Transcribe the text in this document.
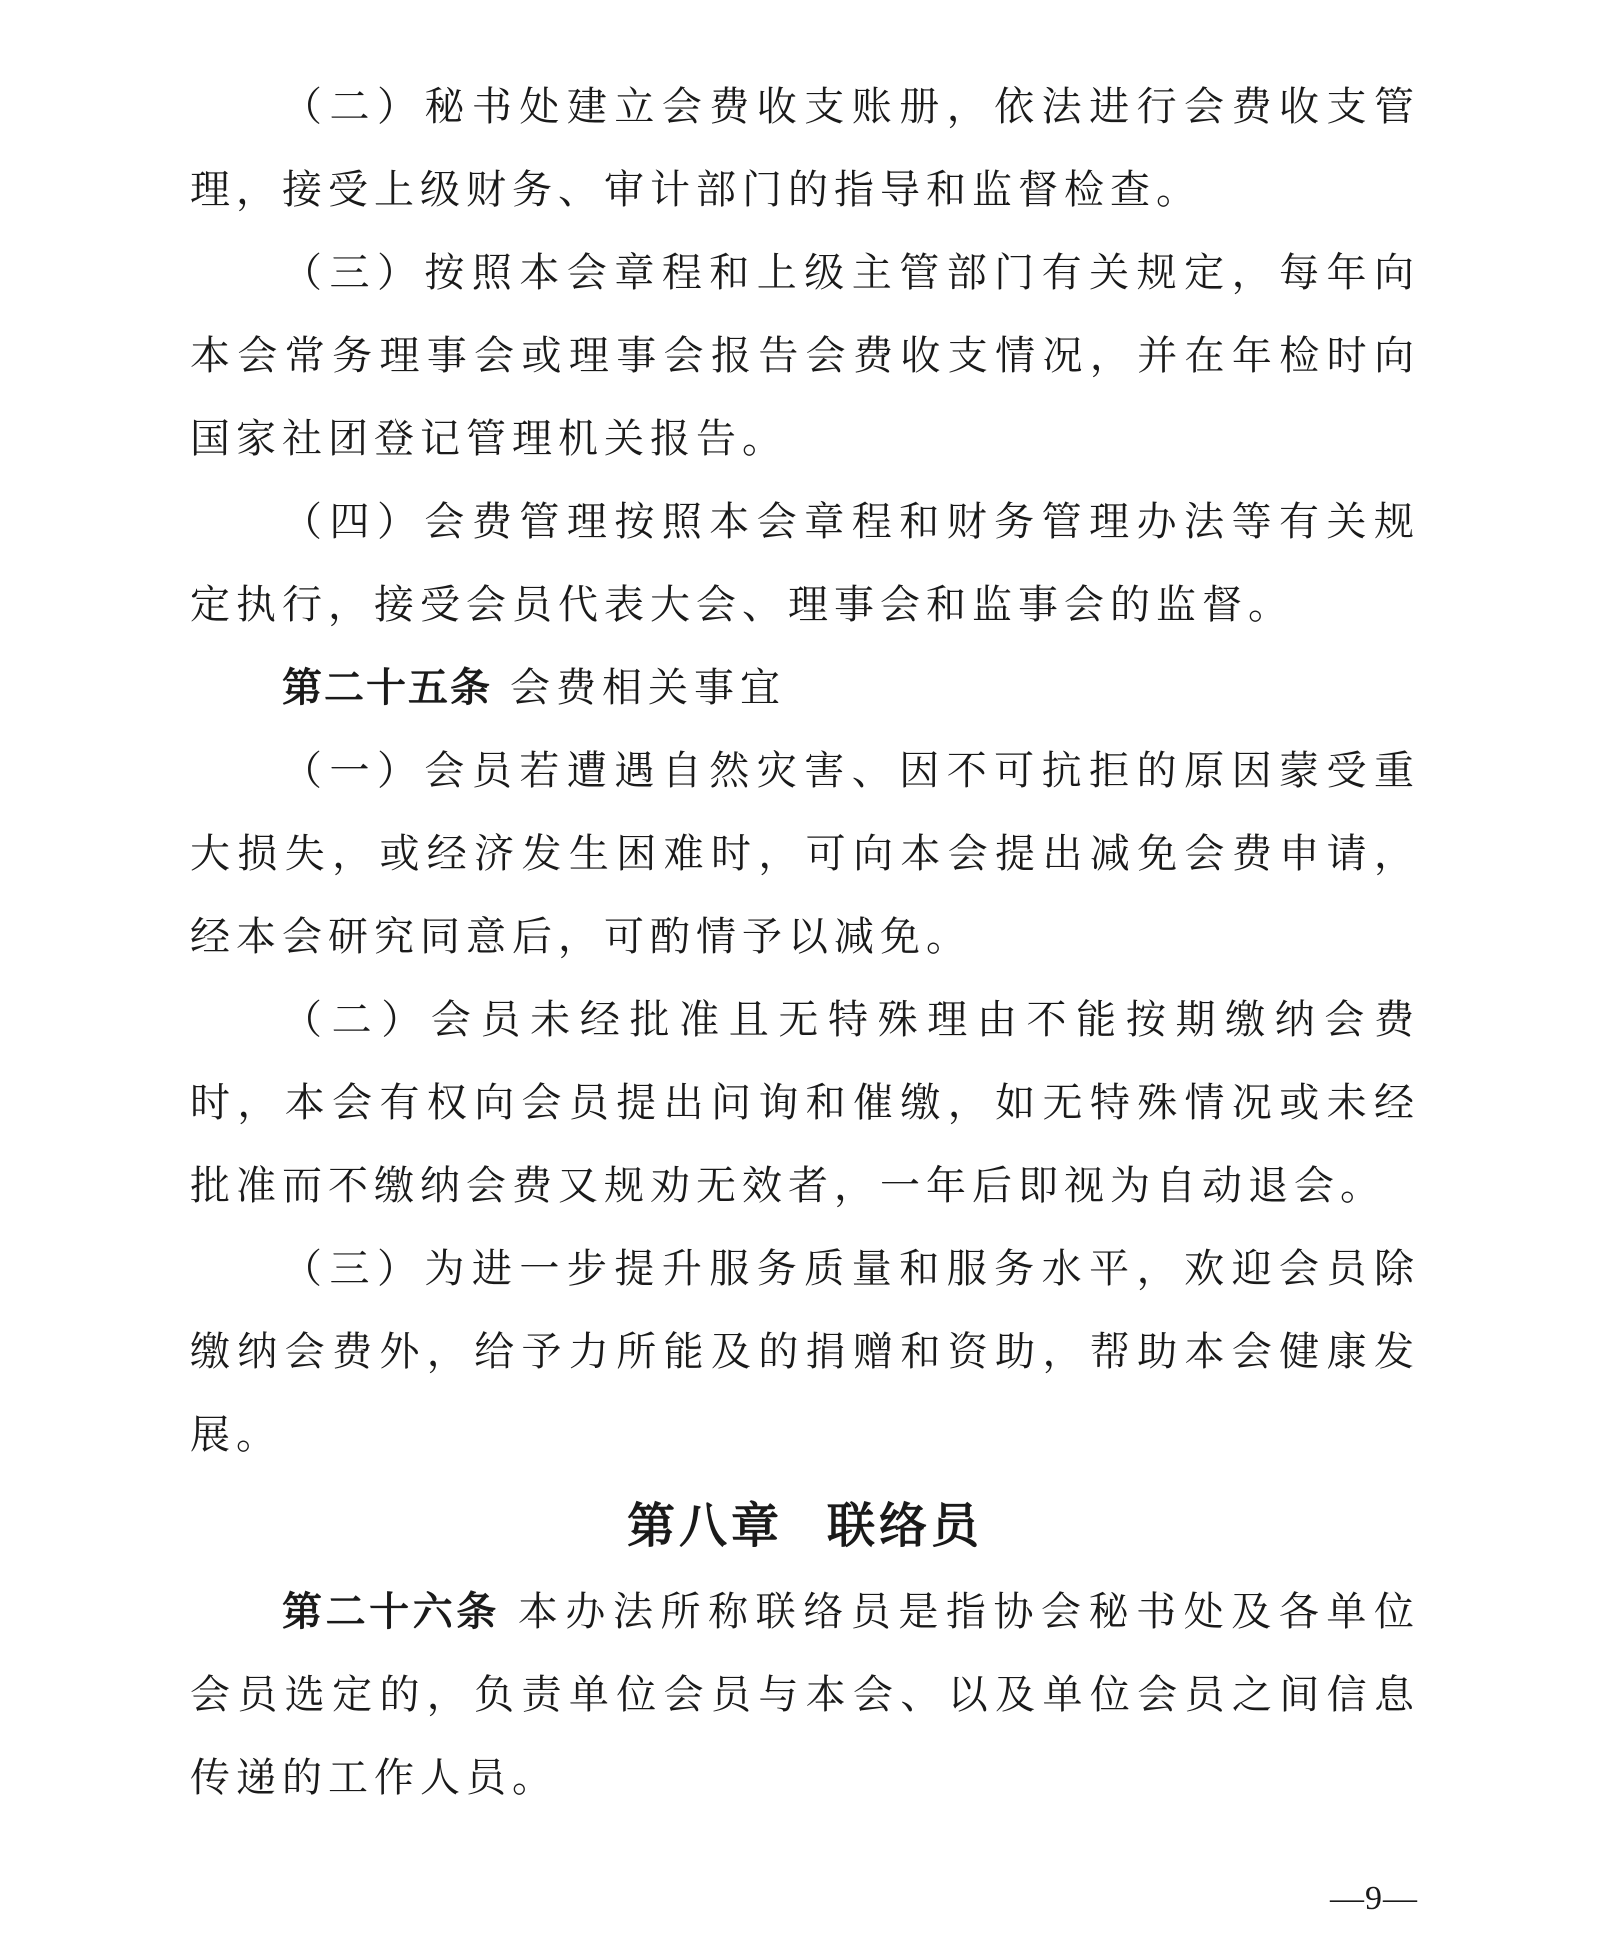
（二）秘书处建立会费收支账册，依法进行会费收支管理，接受上级财务、审计部门的指导和监督检查。

（三）按照本会章程和上级主管部门有关规定，每年向本会常务理事会或理事会报告会费收支情况，并在年检时向国家社团登记管理机关报告。

（四）会费管理按照本会章程和财务管理办法等有关规定执行，接受会员代表大会、理事会和监事会的监督。

第二十五条 会费相关事宜

（一）会员若遭遇自然灾害、因不可抗拒的原因蒙受重大损失，或经济发生困难时，可向本会提出减免会费申请，经本会研究同意后，可酌情予以减免。

（二）会员未经批准且无特殊理由不能按期缴纳会费时，本会有权向会员提出问询和催缴，如无特殊情况或未经批准而不缴纳会费又规劝无效者，一年后即视为自动退会。

（三）为进一步提升服务质量和服务水平，欢迎会员除缴纳会费外，给予力所能及的捐赠和资助，帮助本会健康发展。

第八章 联络员

第二十六条 本办法所称联络员是指协会秘书处及各单位会员选定的，负责单位会员与本会、以及单位会员之间信息传递的工作人员。

—9—
